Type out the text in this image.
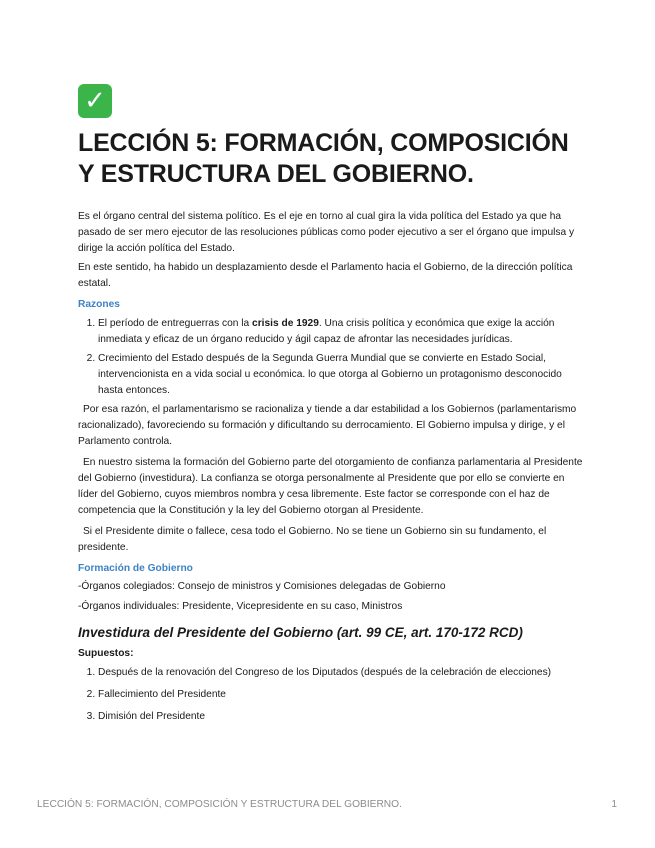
✓
LECCIÓN 5: FORMACIÓN, COMPOSICIÓN Y ESTRUCTURA DEL GOBIERNO.

Es el órgano central del sistema político. Es el eje en torno al cual gira la vida política del Estado ya que ha pasado de ser mero ejecutor de las resoluciones públicas como poder ejecutivo a ser el órgano que impulsa y dirige la acción política del Estado.

En este sentido, ha habido un desplazamiento desde el Parlamento hacia el Gobierno, de la dirección política estatal.

Razones
1. El período de entreguerras con la crisis de 1929. Una crisis política y económica que exige la acción inmediata y eficaz de un órgano reducido y ágil capaz de afrontar las necesidades jurídicas.
2. Crecimiento del Estado después de la Segunda Guerra Mundial que se convierte en Estado Social, intervencionista en a vida social u económica. lo que otorga al Gobierno un protagonismo desconocido hasta entonces.

Por esa razón, el parlamentarismo se racionaliza y tiende a dar estabilidad a los Gobiernos (parlamentarismo racionalizado), favoreciendo su formación y dificultando su derrocamiento. El Gobierno impulsa y dirige, y el Parlamento controla.

En nuestro sistema la formación del Gobierno parte del otorgamiento de confianza parlamentaria al Presidente del Gobierno (investidura). La confianza se otorga personalmente al Presidente que por ello se convierte en líder del Gobierno, cuyos miembros nombra y cesa libremente. Este factor se corresponde con el haz de competencia que la Constitución y la ley del Gobierno otorgan al Presidente.

Si el Presidente dimite o fallece, cesa todo el Gobierno. No se tiene un Gobierno sin su fundamento, el presidente.

Formación de Gobierno

-Órganos colegiados: Consejo de ministros y Comisiones delegadas de Gobierno

-Órganos individuales: Presidente, Vicepresidente en su caso, Ministros

Investidura del Presidente del Gobierno (art. 99 CE, art. 170-172 RCD)
Supuestos:
1. Después de la renovación del Congreso de los Diputados (después de la celebración de elecciones)
2. Fallecimiento del Presidente
3. Dimisión del Presidente
LECCIÓN 5: FORMACIÓN, COMPOSICIÓN Y ESTRUCTURA DEL GOBIERNO.	1
